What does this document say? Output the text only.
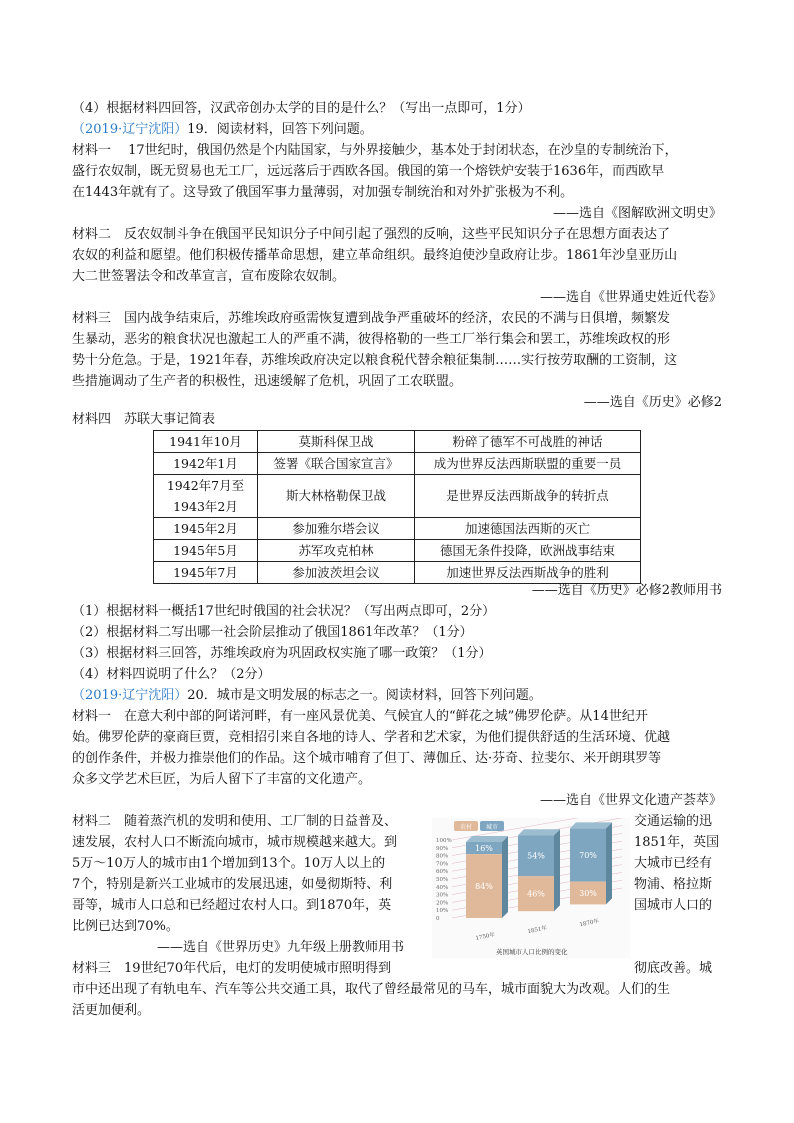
（4）根据材料四回答，汉武帝创办太学的目的是什么？（写出一点即可，1分）
（2019·辽宁沈阳）19．阅读材料，回答下列问题。
材料一　 17世纪时，俄国仍然是个内陆国家，与外界接触少，基本处于封闭状态，在沙皇的专制统治下，
盛行农奴制，既无贸易也无工厂，远远落后于西欧各国。俄国的第一个熔铁炉安装于1636年，而西欧早
在1443年就有了。这导致了俄国军事力量薄弱，对加强专制统治和对外扩张极为不利。
——选自《图解欧洲文明史》
材料二　反农奴制斗争在俄国平民知识分子中间引起了强烈的反响，这些平民知识分子在思想方面表达了
农奴的利益和愿望。他们积极传播革命思想，建立革命组织。最终迫使沙皇政府让步。1861年沙皇亚历山
大二世签署法令和改革宣言，宣布废除农奴制。
——选自《世界通史姓近代卷》
材料三　国内战争结束后，苏维埃政府亟需恢复遭到战争严重破坏的经济，农民的不满与日俱增，频繁发
生暴动，恶劣的粮食状况也激起工人的严重不满，彼得格勒的一些工厂举行集会和罢工，苏维埃政权的形
势十分危急。于是，1921年春，苏维埃政府决定以粮食税代替余粮征集制……实行按劳取酬的工资制，这
些措施调动了生产者的积极性，迅速缓解了危机，巩固了工农联盟。
——选自《历史》必修2
材料四　苏联大事记简表
1941年10月	莫斯科保卫战	粉碎了德军不可战胜的神话
1942年1月	签署《联合国家宣言》	成为世界反法西斯联盟的重要一员
1942年7月至
1943年2月	斯大林格勒保卫战	是世界反法西斯战争的转折点
1945年2月	参加雅尔塔会议	加速德国法西斯的灭亡
1945年5月	苏军攻克柏林	德国无条件投降，欧洲战事结束
1945年7月	参加波茨坦会议	加速世界反法西斯战争的胜利
——选自《历史》必修2教师用书
（1）根据材料一概括17世纪时俄国的社会状况？（写出两点即可，2分）
（2）根据材料二写出哪一社会阶层推动了俄国1861年改革？（1分）
（3）根据材料三回答，苏维埃政府为巩固政权实施了哪一政策？（1分）
（4）材料四说明了什么？（2分）
（2019·辽宁沈阳）20．城市是文明发展的标志之一。阅读材料，回答下列问题。
材料一　在意大利中部的阿诺河畔，有一座风景优美、气候宜人的“鲜花之城”佛罗伦萨。从14世纪开
始。佛罗伦萨的豪商巨贾，竞相招引来自各地的诗人、学者和艺术家，为他们提供舒适的生活环境、优越
的创作条件，并极力推崇他们的作品。这个城市哺育了但丁、薄伽丘、达·芬奇、拉斐尔、米开朗琪罗等
众多文学艺术巨匠，为后人留下了丰富的文化遗产。
——选自《世界文化遗产荟萃》
材料二　随着蒸汽机的发明和使用、工厂制的日益普及、
速发展，农村人口不断流向城市，城市规模越来越大。到
5万～10万人的城市由1个增加到13个。10万人以上的
7个，特别是新兴工业城市的发展迅速，如曼彻斯特、利
哥等，城市人口总和已经超过农村人口。到1870年，英
比例已达到70%。
交通运输的迅
1851年，英国
大城市已经有
物浦、格拉斯
国城市人口的
——选自《世界历史》九年级上册教师用书
材料三　19世纪70年代后，电灯的发明使城市照明得到	彻底改善。城
市中还出现了有轨电车、汽车等公共交通工具，取代了曾经最常见的马车，城市面貌大为改观。人们的生
活更加便利。
农村 城市
100%
90%
80%
70%
60%
50%
40%
30%
20%
10%
0
16%
84%
1750年
54%
46%
1851年
70%
30%
1870年
英国城市人口比例的变化
